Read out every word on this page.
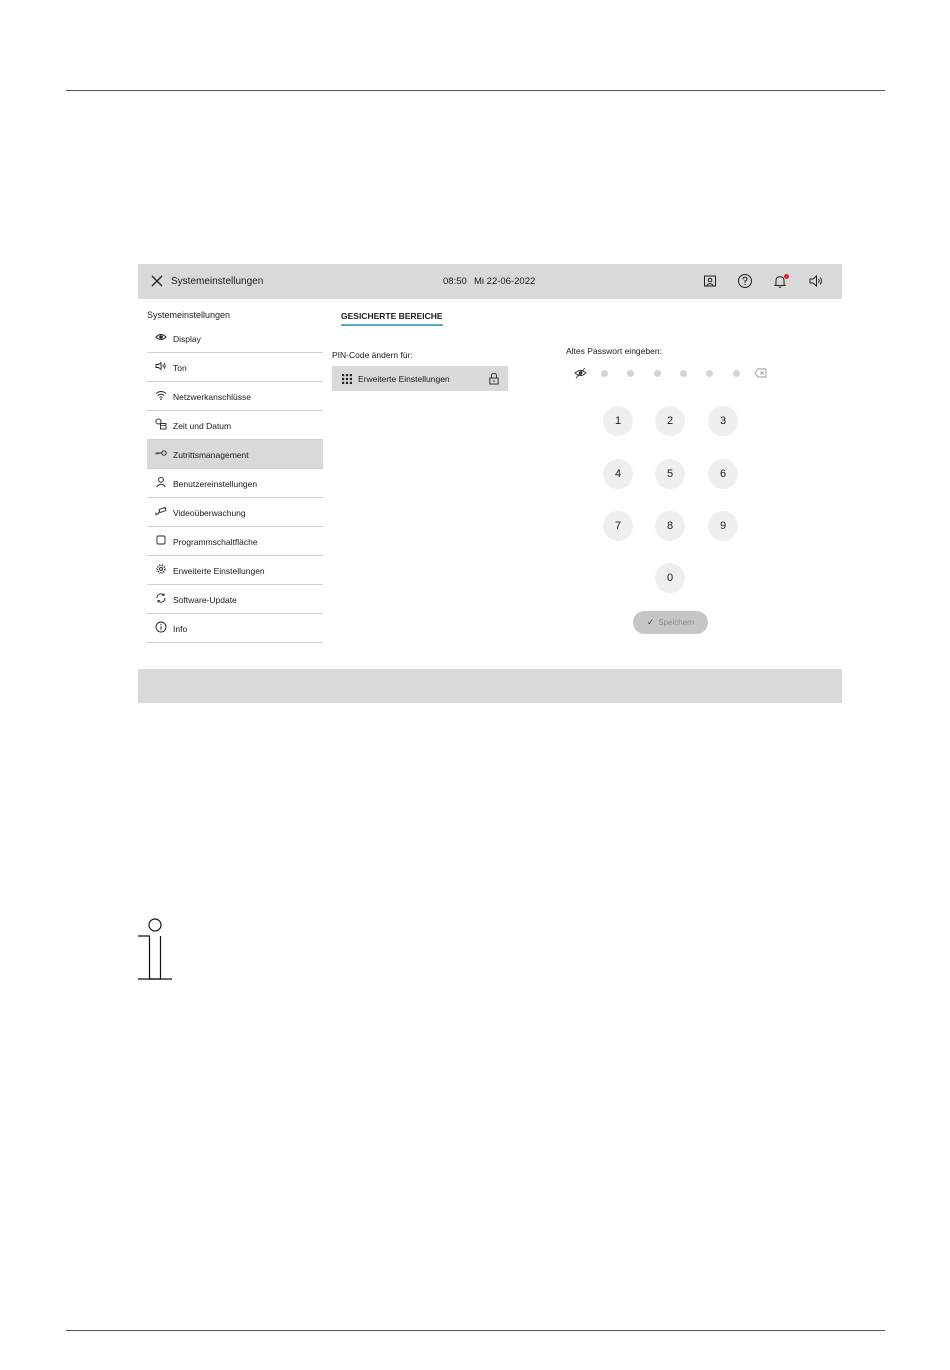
Systemeinstellungen	08:50 Mi 22-06-2022
Systemeinstellungen
Display
Ton
Netzwerkanschlüsse
Zeit und Datum
Zutrittsmanagement
Benutzereinstellungen
Videoüberwachung
Programmschaltfläche
Erweiterte Einstellungen
Software-Update
Info
GESICHERTE BEREICHE
PIN-Code ändern für:
Erweiterte Einstellungen
Altes Passwort eingeben:
1	2	3
4	5	6
7	8	9
0
✓ Speichern
